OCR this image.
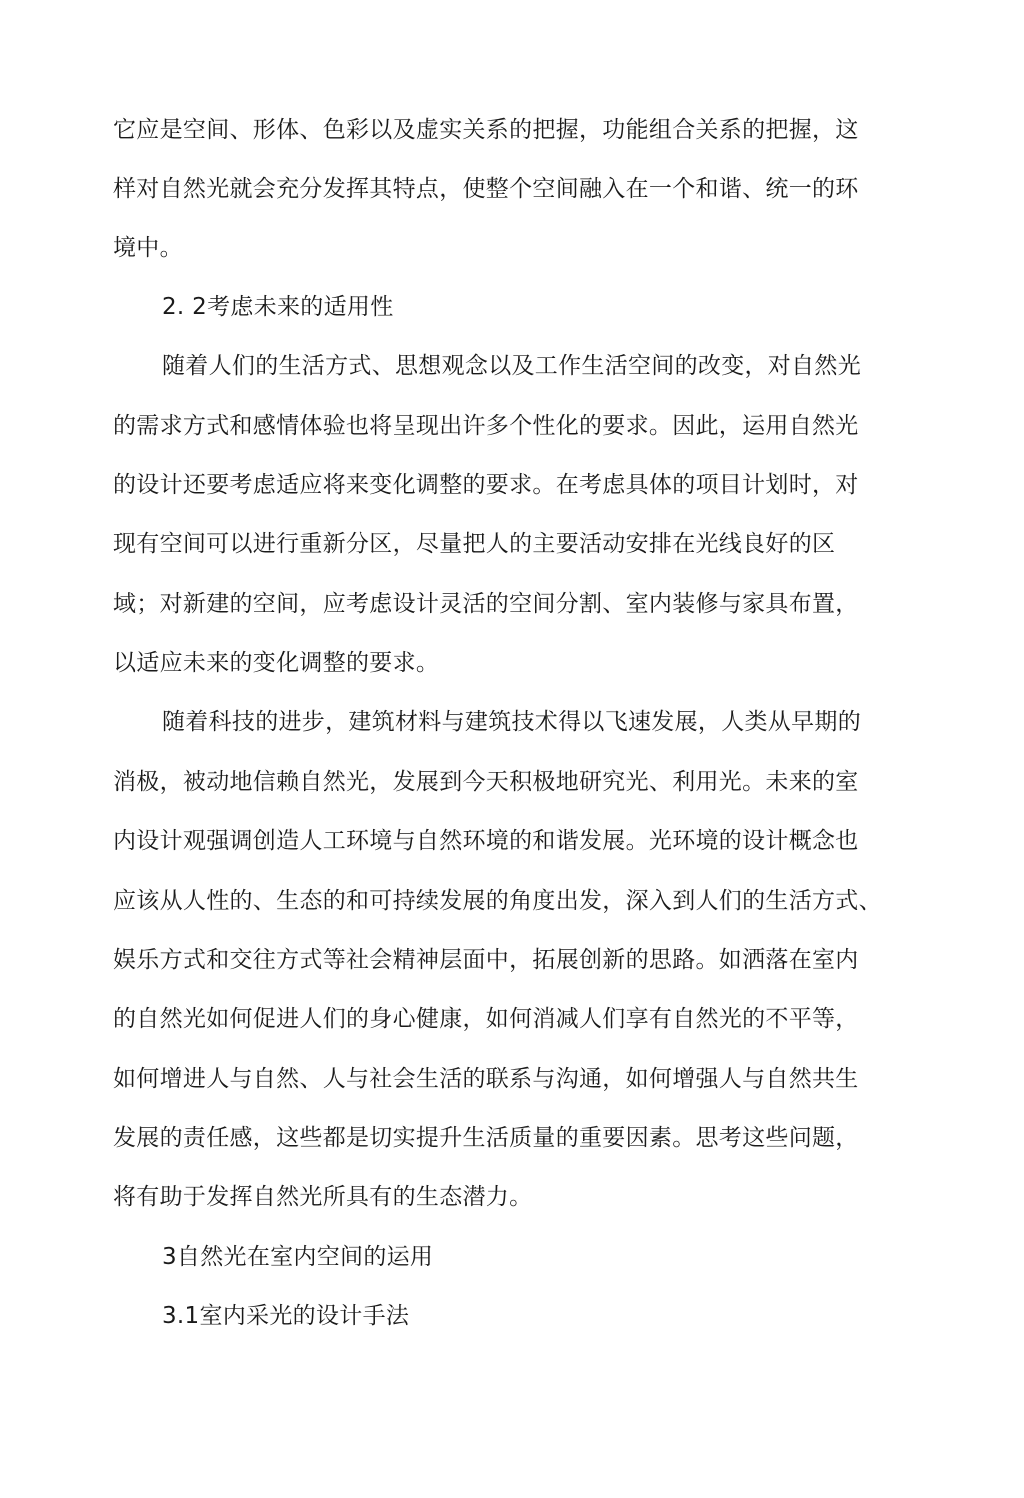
它应是空间、形体、色彩以及虚实关系的把握，功能组合关系的把握，这
样对自然光就会充分发挥其特点，使整个空间融入在一个和谐、统一的环
境中。
2. 2考虑未来的适用性
随着人们的生活方式、思想观念以及工作生活空间的改变，对自然光
的需求方式和感情体验也将呈现出许多个性化的要求。因此，运用自然光
的设计还要考虑适应将来变化调整的要求。在考虑具体的项目计划时，对
现有空间可以进行重新分区，尽量把人的主要活动安排在光线良好的区
域；对新建的空间，应考虑设计灵活的空间分割、室内装修与家具布置，
以适应未来的变化调整的要求。
随着科技的进步，建筑材料与建筑技术得以飞速发展，人类从早期的
消极，被动地信赖自然光，发展到今天积极地研究光、利用光。未来的室
内设计观强调创造人工环境与自然环境的和谐发展。光环境的设计概念也
应该从人性的、生态的和可持续发展的角度出发，深入到人们的生活方式、
娱乐方式和交往方式等社会精神层面中，拓展创新的思路。如洒落在室内
的自然光如何促进人们的身心健康，如何消减人们享有自然光的不平等，
如何增进人与自然、人与社会生活的联系与沟通，如何增强人与自然共生
发展的责任感，这些都是切实提升生活质量的重要因素。思考这些问题，
将有助于发挥自然光所具有的生态潜力。
3自然光在室内空间的运用
3.1室内采光的设计手法
